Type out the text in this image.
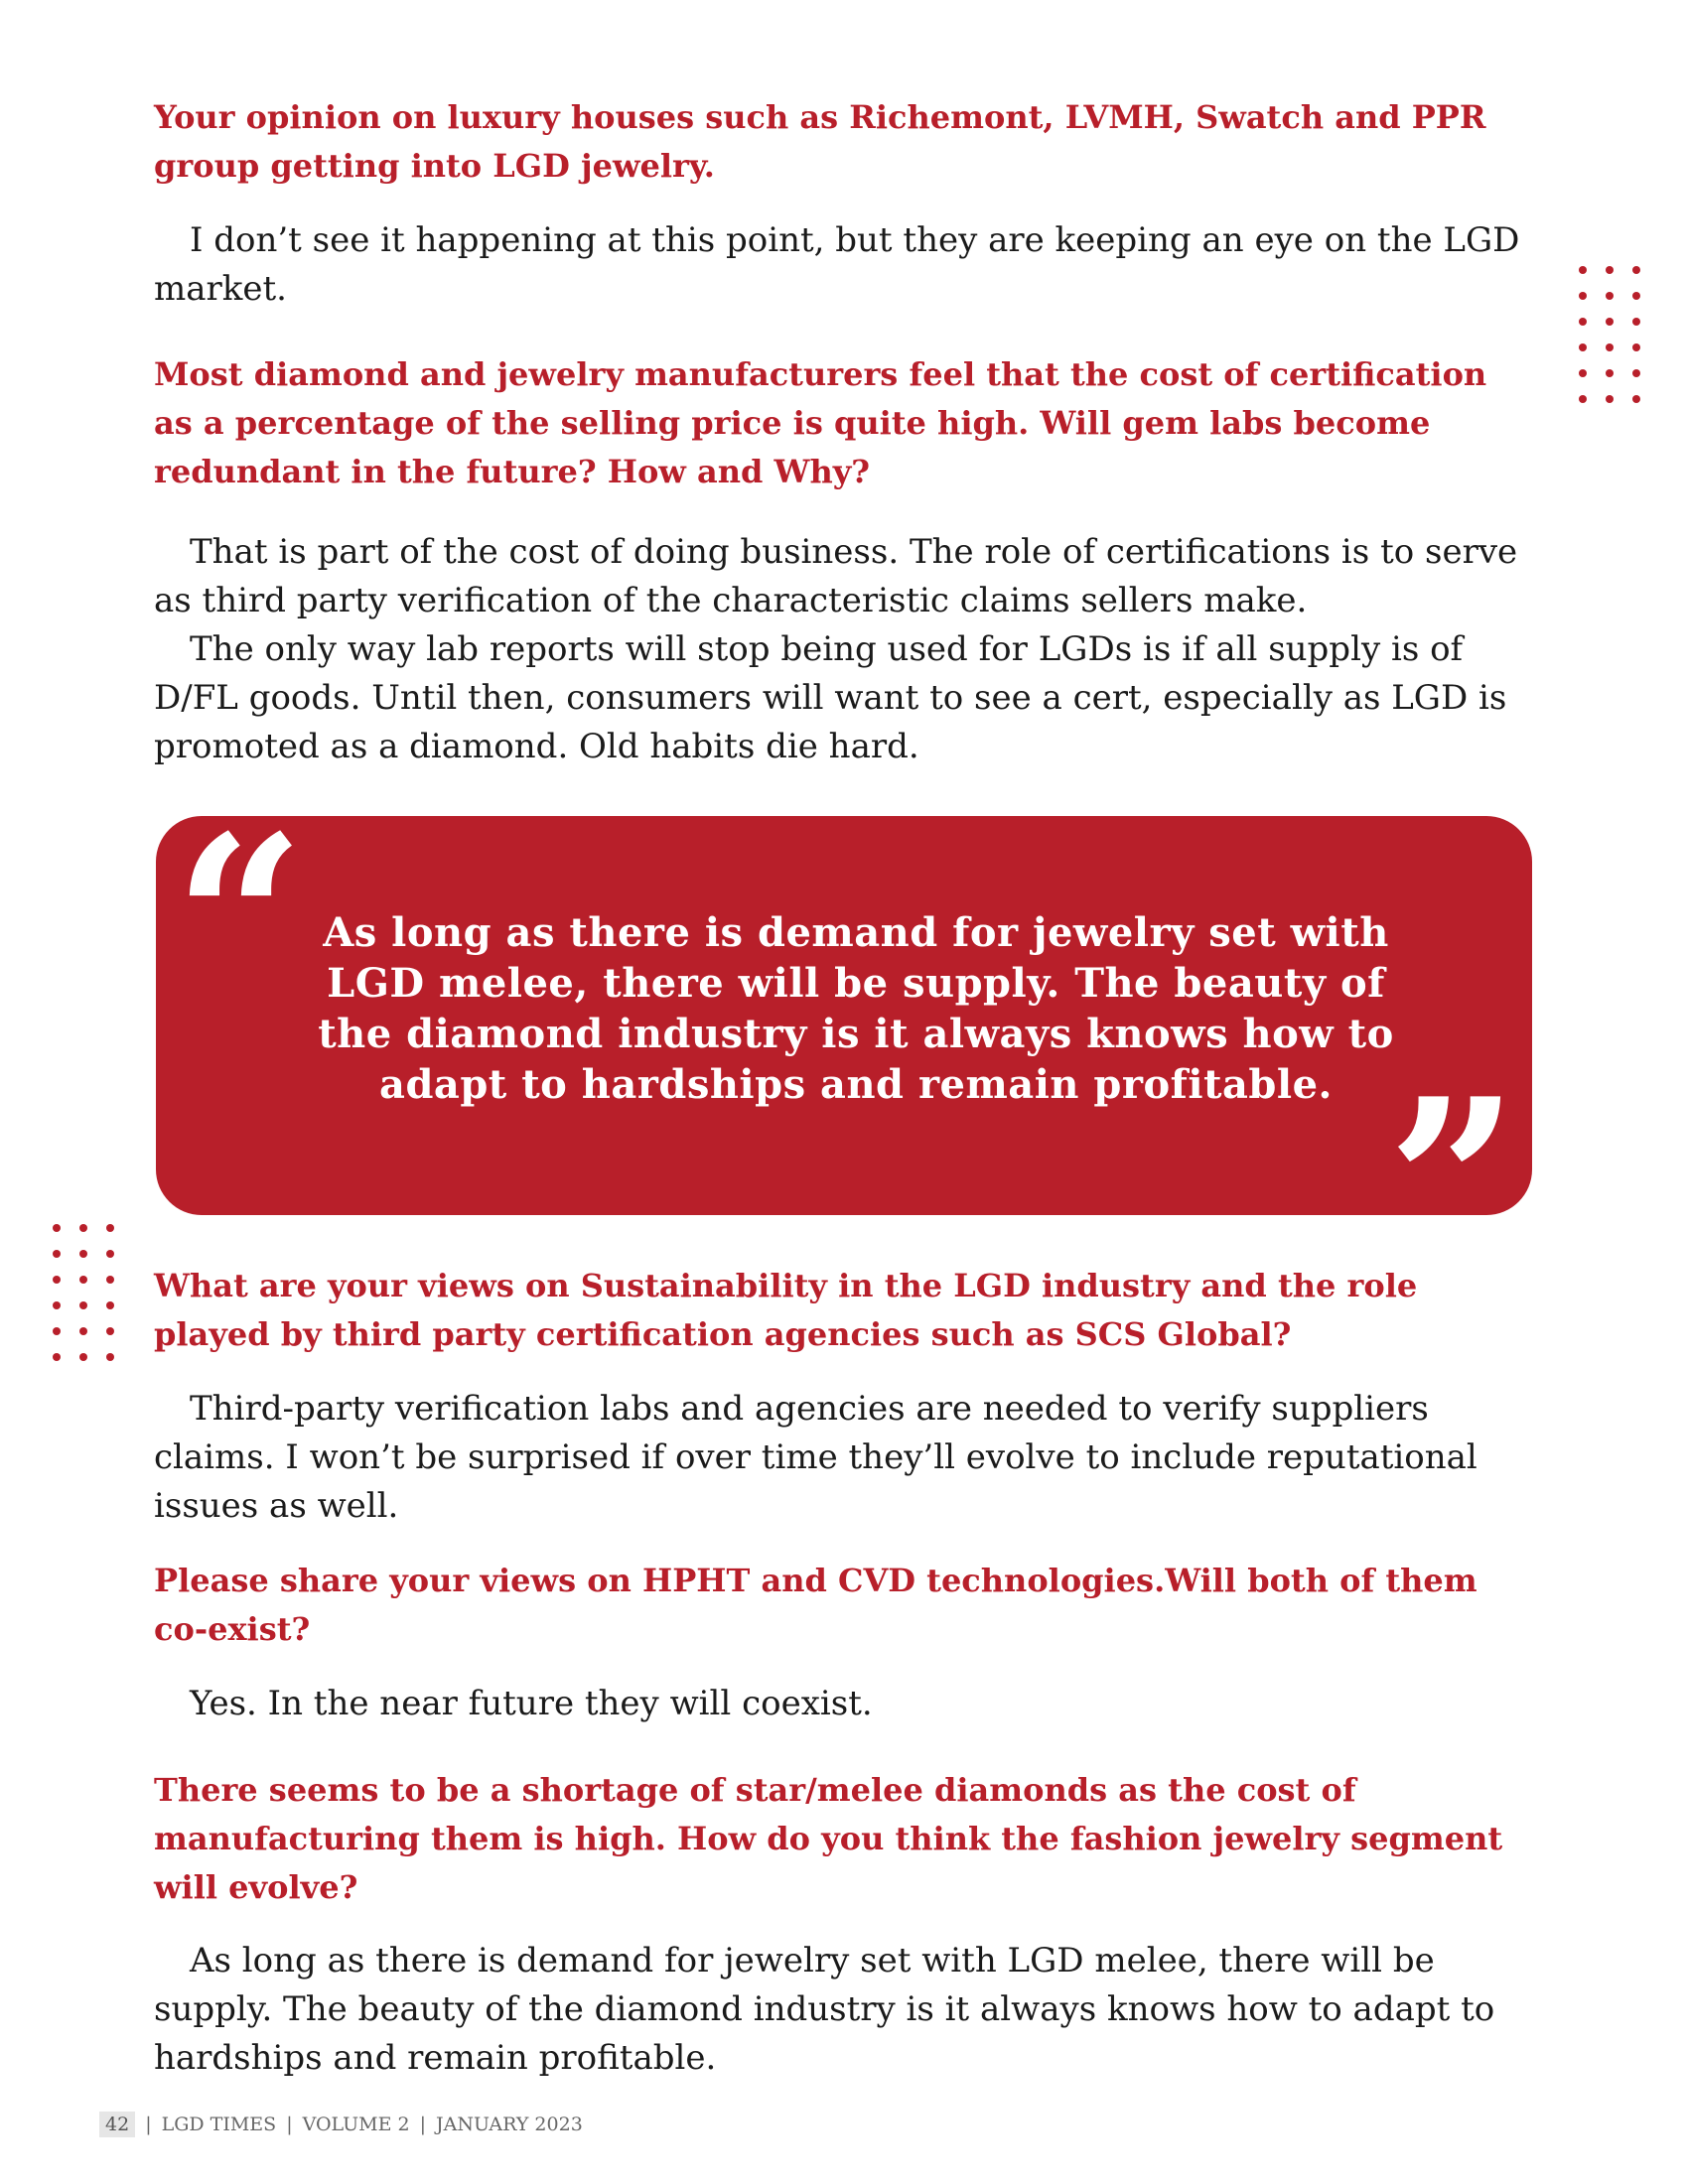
Your opinion on luxury houses such as Richemont, LVMH, Swatch and PPR group getting into LGD jewelry.

I don’t see it happening at this point, but they are keeping an eye on the LGD market.

Most diamond and jewelry manufacturers feel that the cost of certification as a percentage of the selling price is quite high. Will gem labs become redundant in the future? How and Why?

That is part of the cost of doing business. The role of certifications is to serve as third party verification of the characteristic claims sellers make.

The only way lab reports will stop being used for LGDs is if all supply is of D/FL goods. Until then, consumers will want to see a cert, especially as LGD is promoted as a diamond. Old habits die hard.

“ As long as there is demand for jewelry set with LGD melee, there will be supply. The beauty of the diamond industry is it always knows how to adapt to hardships and remain profitable. ”
What are your views on Sustainability in the LGD industry and the role played by third party certification agencies such as SCS Global?

Third-party verification labs and agencies are needed to verify suppliers claims. I won’t be surprised if over time they’ll evolve to include reputational issues as well.

Please share your views on HPHT and CVD technologies.Will both of them co-exist?

Yes. In the near future they will coexist.

There seems to be a shortage of star/melee diamonds as the cost of manufacturing them is high. How do you think the fashion jewelry segment will evolve?

As long as there is demand for jewelry set with LGD melee, there will be supply. The beauty of the diamond industry is it always knows how to adapt to hardships and remain profitable.

42 | LGD TIMES | VOLUME 2 | JANUARY 2023
